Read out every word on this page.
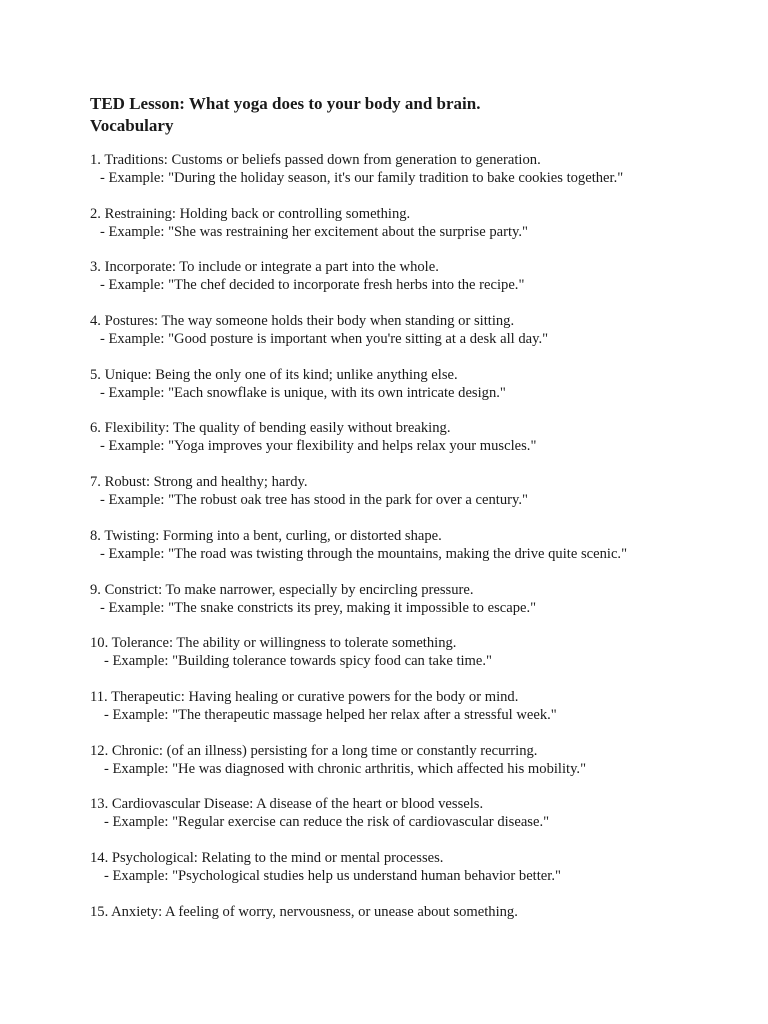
TED Lesson: What yoga does to your body and brain.
Vocabulary
1. Traditions: Customs or beliefs passed down from generation to generation.
- Example: "During the holiday season, it's our family tradition to bake cookies together."
2. Restraining: Holding back or controlling something.
- Example: "She was restraining her excitement about the surprise party."
3. Incorporate: To include or integrate a part into the whole.
- Example: "The chef decided to incorporate fresh herbs into the recipe."
4. Postures: The way someone holds their body when standing or sitting.
- Example: "Good posture is important when you're sitting at a desk all day."
5. Unique: Being the only one of its kind; unlike anything else.
- Example: "Each snowflake is unique, with its own intricate design."
6. Flexibility: The quality of bending easily without breaking.
- Example: "Yoga improves your flexibility and helps relax your muscles."
7. Robust: Strong and healthy; hardy.
- Example: "The robust oak tree has stood in the park for over a century."
8. Twisting: Forming into a bent, curling, or distorted shape.
- Example: "The road was twisting through the mountains, making the drive quite scenic."
9. Constrict: To make narrower, especially by encircling pressure.
- Example: "The snake constricts its prey, making it impossible to escape."
10. Tolerance: The ability or willingness to tolerate something.
- Example: "Building tolerance towards spicy food can take time."
11. Therapeutic: Having healing or curative powers for the body or mind.
- Example: "The therapeutic massage helped her relax after a stressful week."
12. Chronic: (of an illness) persisting for a long time or constantly recurring.
- Example: "He was diagnosed with chronic arthritis, which affected his mobility."
13. Cardiovascular Disease: A disease of the heart or blood vessels.
- Example: "Regular exercise can reduce the risk of cardiovascular disease."
14. Psychological: Relating to the mind or mental processes.
- Example: "Psychological studies help us understand human behavior better."
15. Anxiety: A feeling of worry, nervousness, or unease about something.
